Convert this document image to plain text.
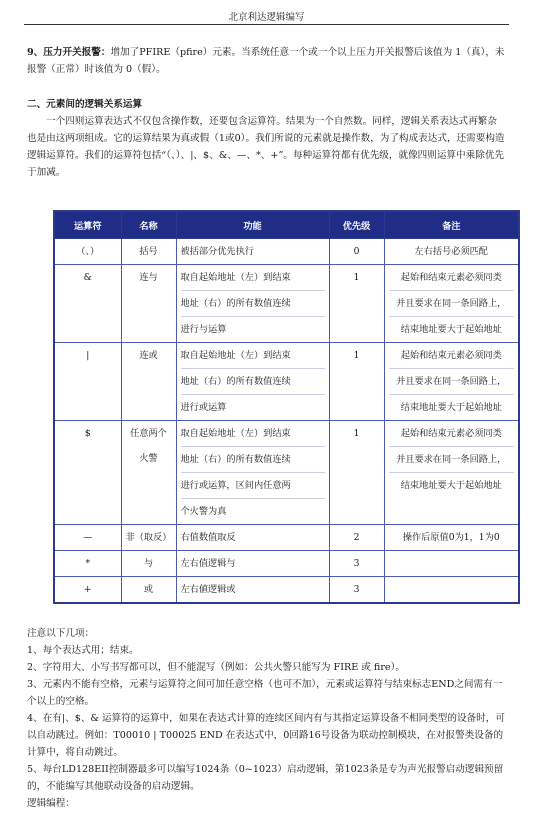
北京利达逻辑编写
9、压力开关报警：增加了PFIRE（pfire）元素。当系统任意一个或一个以上压力开关报警后该值为 1（真），未报警（正常）时该值为 0（假）。
二、元素间的逻辑关系运算
一个四则运算表达式不仅包含操作数，还要包含运算符。结果为一个自然数。同样，逻辑关系表达式再繁杂也是由这两项组成。它的运算结果为真或假（1或0）。我们所说的元素就是操作数，为了构成表达式，还需要构造逻辑运算符。我们的运算符包括“（、）、|、$、&、—、*、+”。每种运算符都有优先级，就像四则运算中乘除优先于加减。
运算符	名称	功能	优先级	备注
（、）	括号	被括部分优先执行	0	左右括号必须匹配

&	连与	取自起始地址（左）到结束
地址（右）的所有数值连续
进行与运算	1	起始和结束元素必须同类
并且要求在同一条回路上，
结束地址要大于起始地址

|	连或	取自起始地址（左）到结束
地址（右）的所有数值连续
进行或运算	1	起始和结束元素必须同类
并且要求在同一条回路上，
结束地址要大于起始地址

$	任意两个
火警	取自起始地址（左）到结束
地址（右）的所有数值连续
进行或运算，区间内任意两
个火警为真	1	起始和结束元素必须同类
并且要求在同一条回路上，
结束地址要大于起始地址

—	非（取反）	右值数值取反	2	操作后原值0为1，1为0

*	与	左右值逻辑与	3	

+	或	左右値逻辑或	3	

注意以下几项：

1、每个表达式用；结束。

2、字符用大、小写书写都可以，但不能混写（例如：公共火警只能写为 FIRE 或 fire）。

3、元素内不能有空格，元素与运算符之间可加任意空格（也可不加），元素或运算符与结束标志END之间需有一个以上的空格。

4、在有|、$、& 运算符的运算中，如果在表达式计算的连续区间内有与其指定运算设备不相同类型的设备时，可以自动跳过。例如：T00010 | T00025 END 在表达式中，0回路16号设备为联动控制模块，在对报警类设备的计算中，将自动跳过。

5、每台LD128EII控制器最多可以编写1024条（0~1023）启动逻辑，第1023条是专为声光报警启动逻辑预留的，不能编写其他联动设备的启动逻辑。

逻辑编程：
